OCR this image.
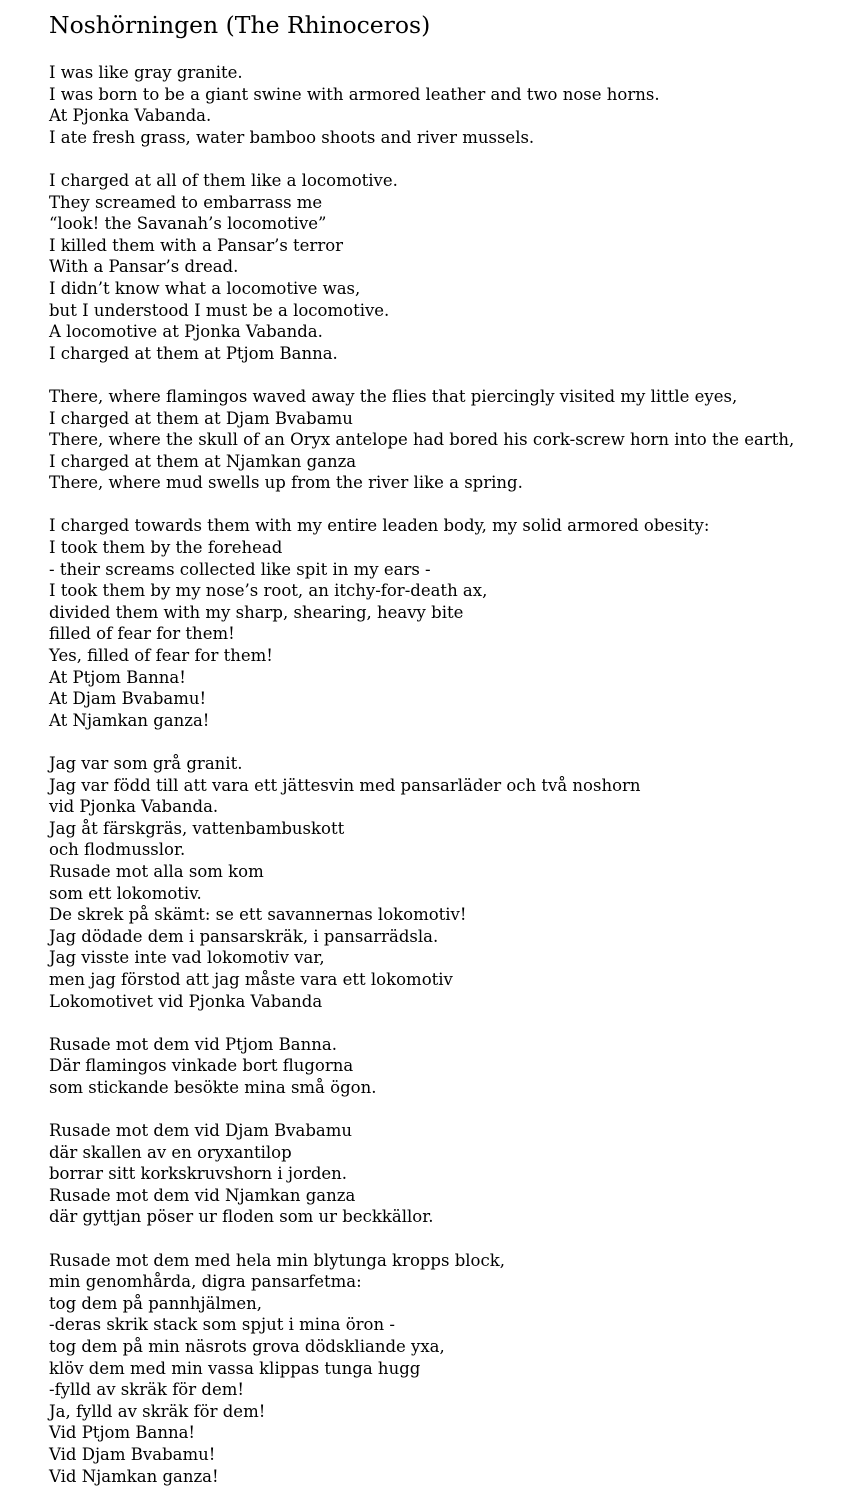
Noshörningen (The Rhinoceros)
I was like gray granite.
I was born to be a giant swine with armored leather and two nose horns.
At Pjonka Vabanda.
I ate fresh grass, water bamboo shoots and river mussels.
I charged at all of them like a locomotive.
They screamed to embarrass me
“look! the Savanah’s locomotive”
I killed them with a Pansar’s terror
With a Pansar’s dread.
I didn’t know what a locomotive was,
but I understood I must be a locomotive.
A locomotive at Pjonka Vabanda.
I charged at them at Ptjom Banna.
There, where flamingos waved away the flies that piercingly visited my little eyes,
I charged at them at Djam Bvabamu
There, where the skull of an Oryx antelope had bored his cork-screw horn into the earth,
I charged at them at Njamkan ganza
There, where mud swells up from the river like a spring.
I charged towards them with my entire leaden body, my solid armored obesity:
I took them by the forehead
- their screams collected like spit in my ears -
I took them by my nose’s root, an itchy-for-death ax,
divided them with my sharp, shearing, heavy bite
filled of fear for them!
Yes, filled of fear for them!
At Ptjom Banna!
At Djam Bvabamu!
At Njamkan ganza!
Jag var som grå granit.
Jag var född till att vara ett jättesvin med pansarläder och två noshorn
vid Pjonka Vabanda.
Jag åt färskgräs, vattenbambuskott
och flodmusslor.
Rusade mot alla som kom
som ett lokomotiv.
De skrek på skämt: se ett savannernas lokomotiv!
Jag dödade dem i pansarskräk, i pansarrädsla.
Jag visste inte vad lokomotiv var,
men jag förstod att jag måste vara ett lokomotiv
Lokomotivet vid Pjonka Vabanda
Rusade mot dem vid Ptjom Banna.
Där flamingos vinkade bort flugorna
som stickande besökte mina små ögon.
Rusade mot dem vid Djam Bvabamu
där skallen av en oryxantilop
borrar sitt korkskruvshorn i jorden.
Rusade mot dem vid Njamkan ganza
där gyttjan pöser ur floden som ur beckkällor.
Rusade mot dem med hela min blytunga kropps block,
min genomhårda, digra pansarfetma:
tog dem på pannhjälmen,
-deras skrik stack som spjut i mina öron -
tog dem på min näsrots grova dödskliande yxa,
klöv dem med min vassa klippas tunga hugg
-fylld av skräk för dem!
Ja, fylld av skräk för dem!
Vid Ptjom Banna!
Vid Djam Bvabamu!
Vid Njamkan ganza!
